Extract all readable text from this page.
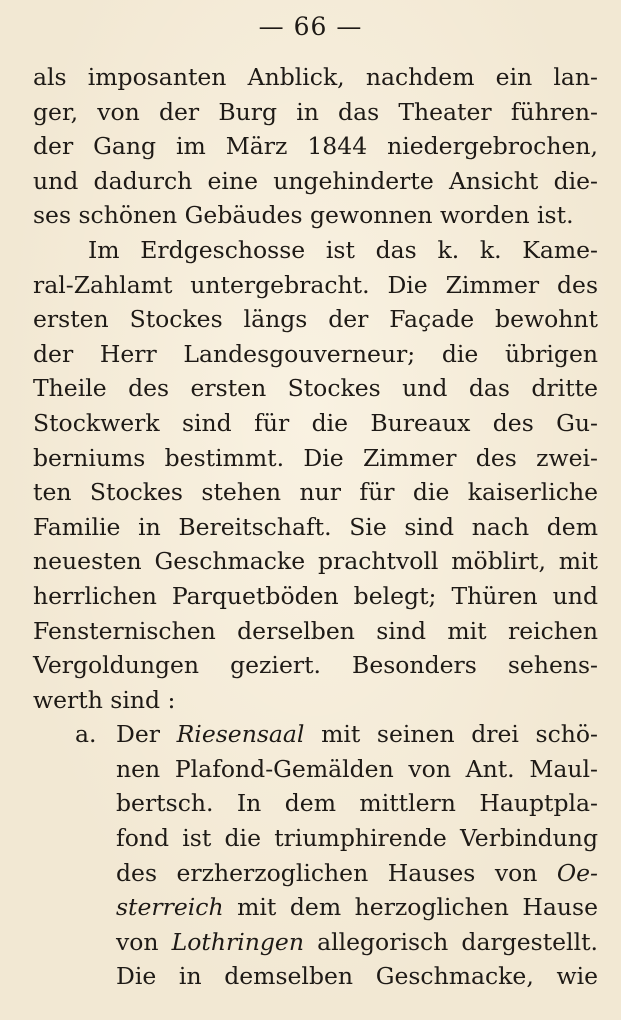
— 66 —
als imposanten Anblick, nachdem ein lan-
ger, von der Burg in das Theater führen-
der Gang im März 1844 niedergebrochen,
und dadurch eine ungehinderte Ansicht die-
ses schönen Gebäudes gewonnen worden ist.
Im Erdgeschosse ist das k. k. Kame-
ral-Zahlamt untergebracht. Die Zimmer des
ersten Stockes längs der Façade bewohnt
der Herr Landesgouverneur; die übrigen
Theile des ersten Stockes und das dritte
Stockwerk sind für die Bureaux des Gu-
berniums bestimmt. Die Zimmer des zwei-
ten Stockes stehen nur für die kaiserliche
Familie in Bereitschaft. Sie sind nach dem
neuesten Geschmacke prachtvoll möblirt, mit
herrlichen Parquetböden belegt; Thüren und
Fensternischen derselben sind mit reichen
Vergoldungen geziert. Besonders sehens-
werth sind :
a. Der Riesensaal mit seinen drei schö-
nen Plafond-Gemälden von Ant. Maul-
bertsch. In dem mittlern Hauptpla-
fond ist die triumphirende Verbindung
des erzherzoglichen Hauses von Oe-
sterreich mit dem herzoglichen Hause
von Lothringen allegorisch dargestellt.
Die in demselben Geschmacke, wie
